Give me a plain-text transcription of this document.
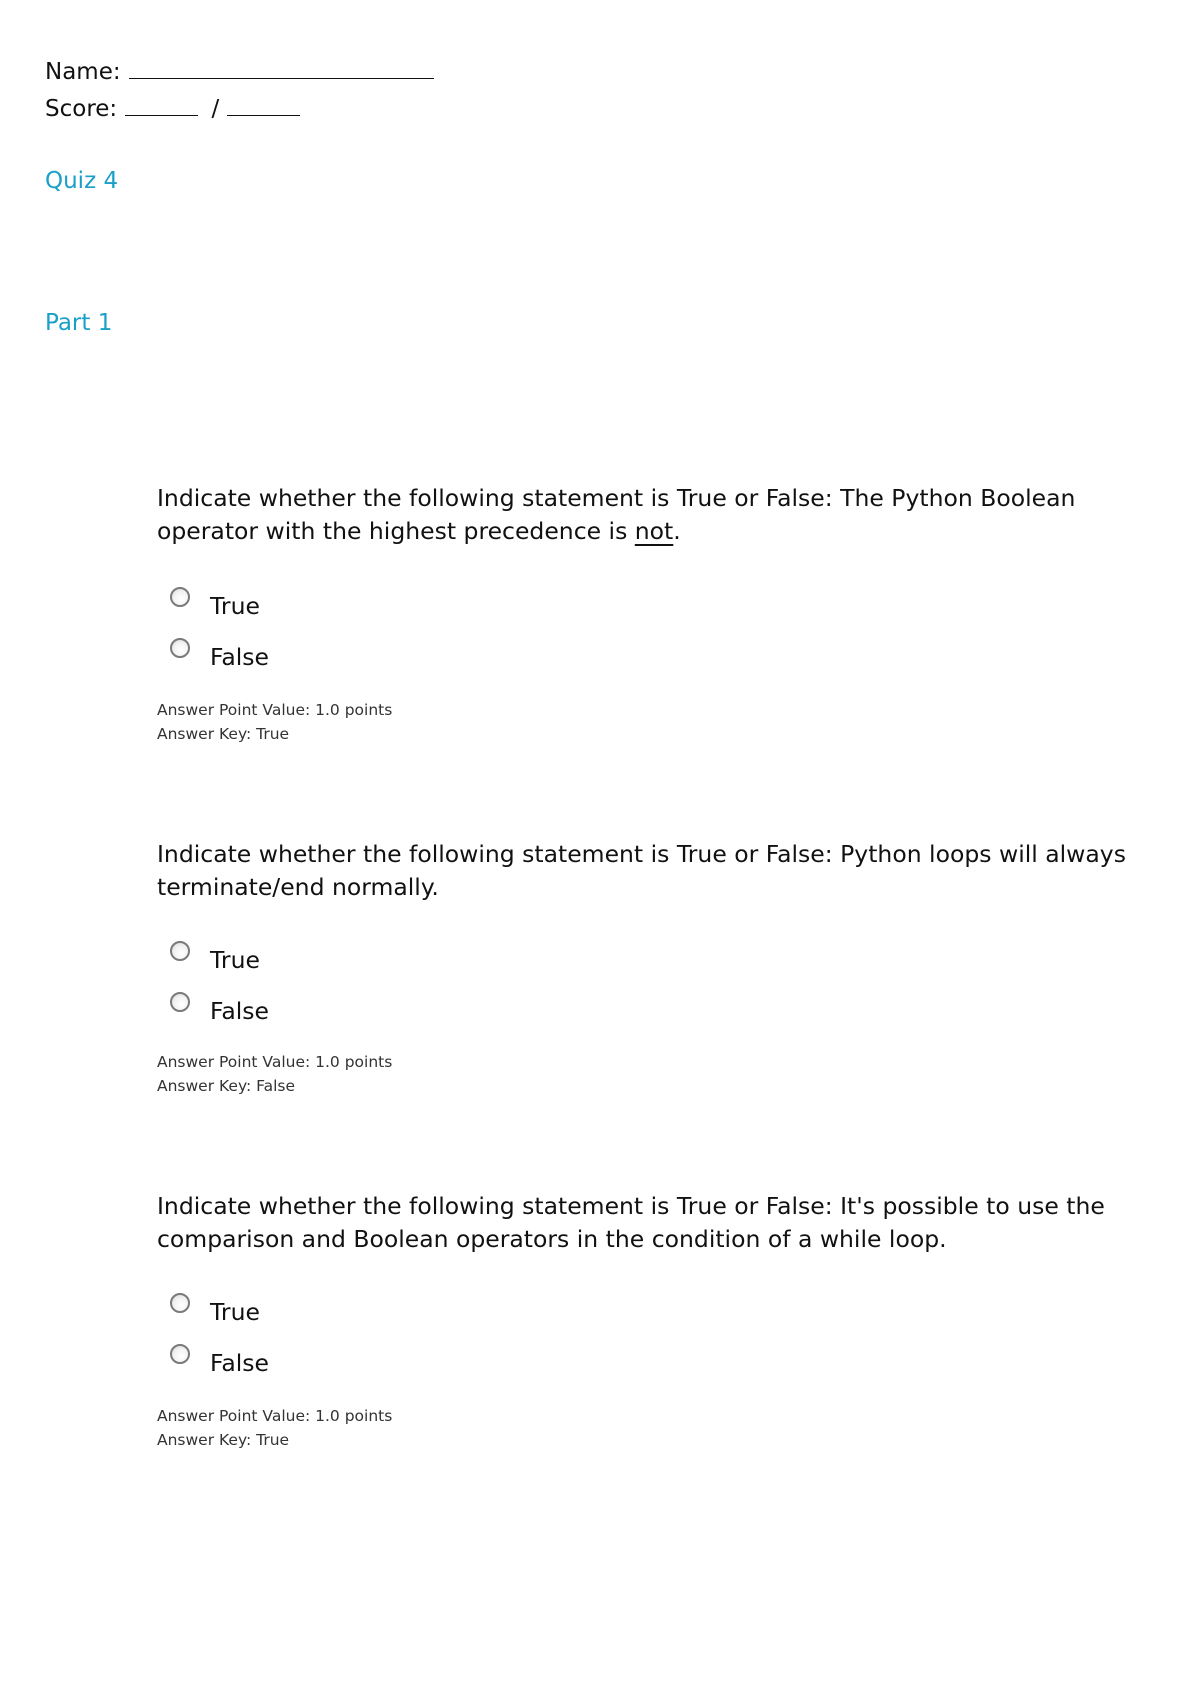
Name:
Score:	/
Quiz 4
Part 1

Indicate whether the following statement is True or False: The Python Boolean operator with the highest precedence is not.

True
False
Answer Point Value: 1.0 points
Answer Key: True

Indicate whether the following statement is True or False: Python loops will always terminate/end normally.

True
False
Answer Point Value: 1.0 points
Answer Key: False

Indicate whether the following statement is True or False: It's possible to use the comparison and Boolean operators in the condition of a while loop.

True
False
Answer Point Value: 1.0 points
Answer Key: True
